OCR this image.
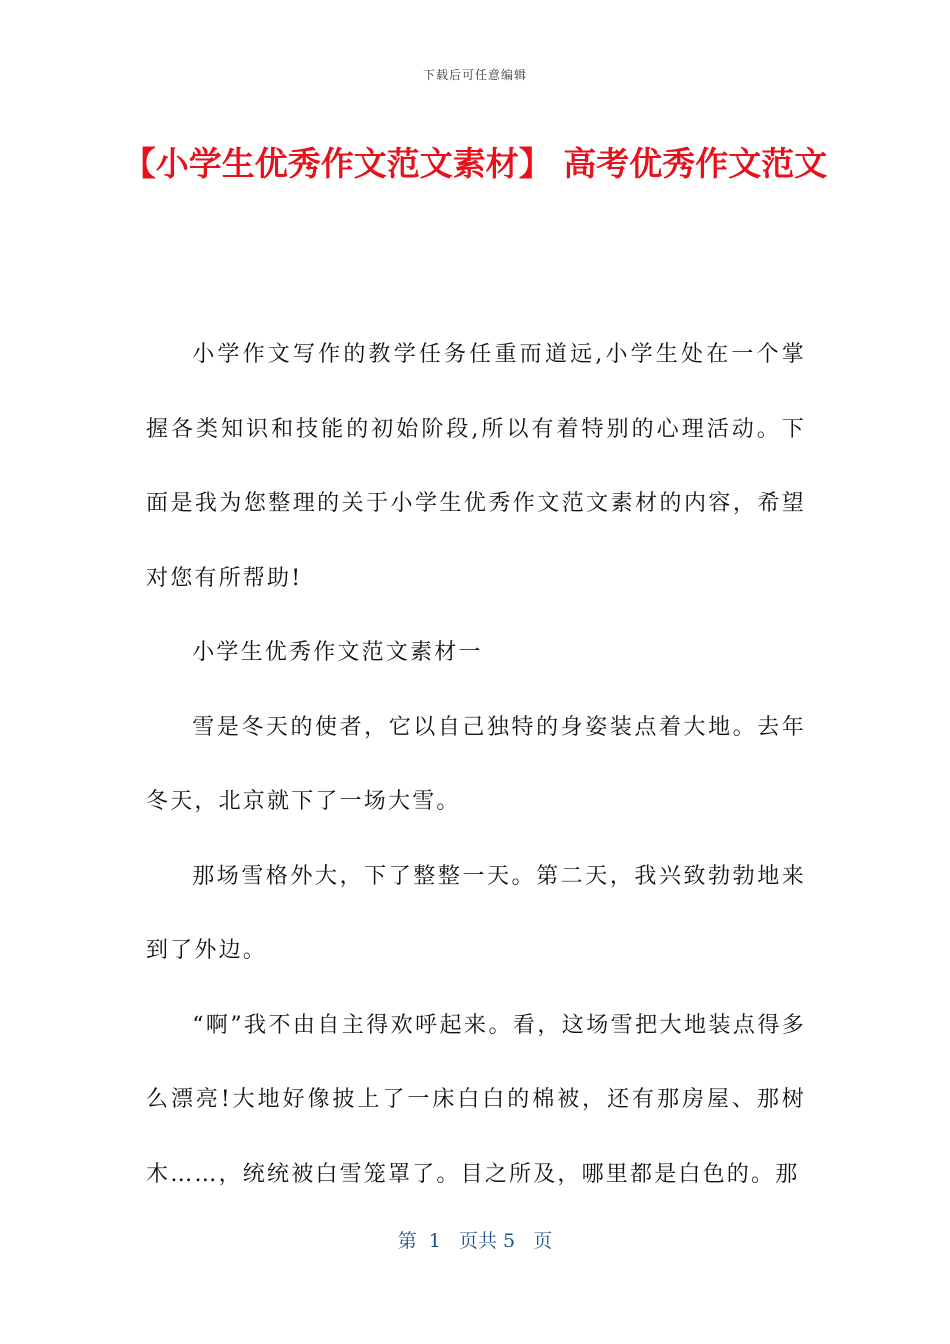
下载后可任意编辑
【小学生优秀作文范文素材】 高考优秀作文范文

小学作文写作的教学任务任重而道远,小学生处在一个掌握各类知识和技能的初始阶段,所以有着特别的心理活动。下面是我为您整理的关于小学生优秀作文范文素材的内容，希望对您有所帮助!

小学生优秀作文范文素材一

雪是冬天的使者，它以自己独特的身姿装点着大地。去年冬天，北京就下了一场大雪。

那场雪格外大，下了整整一天。第二天，我兴致勃勃地来到了外边。

“啊”我不由自主得欢呼起来。看，这场雪把大地装点得多么漂亮!大地好像披上了一床白白的棉被，还有那房屋、那树木……，统统被白雪笼罩了。目之所及，哪里都是白色的。那

第  1   页共 5   页
